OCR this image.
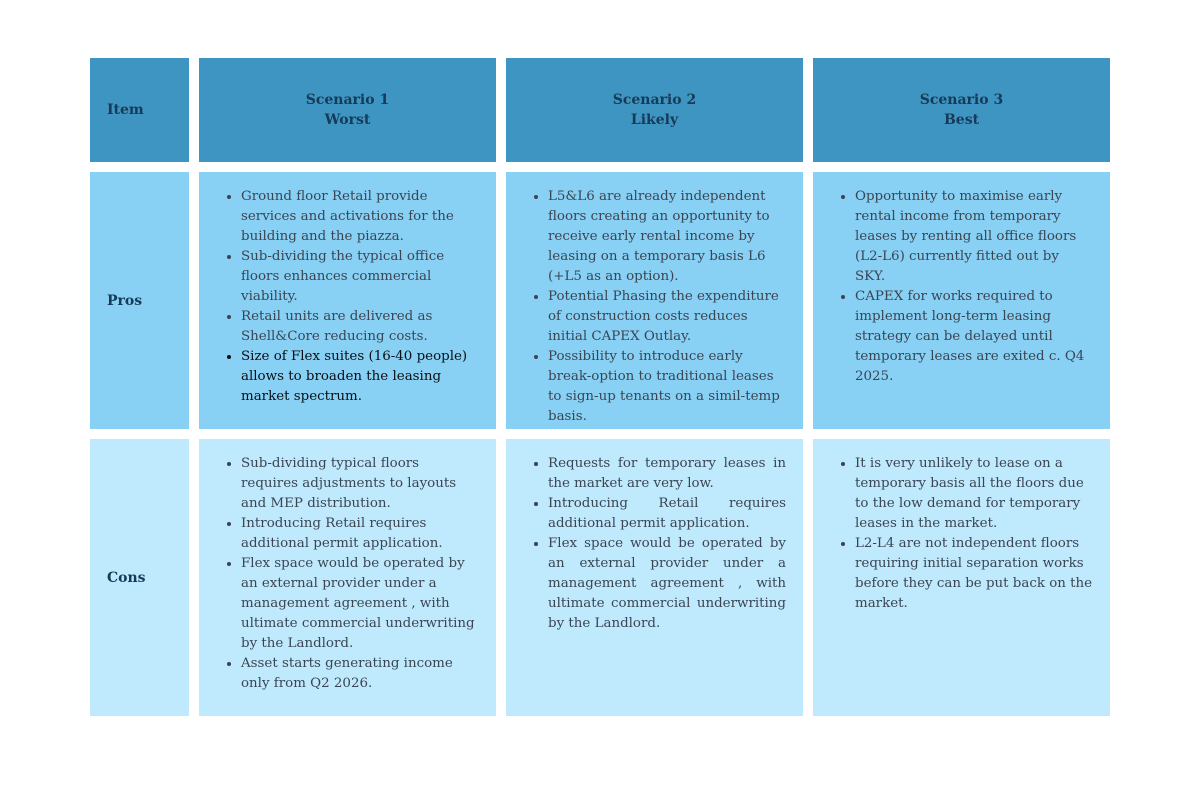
Item
Scenario 1
Worst
Scenario 2
Likely
Scenario 3
Best
Pros
• Ground floor Retail provide services and activations for the building and the piazza.
• Sub-dividing the typical office floors enhances commercial viability.
• Retail units are delivered as Shell&Core reducing costs.
• Size of Flex suites (16-40 people) allows to broaden the leasing market spectrum.
• L5&L6 are already independent floors creating an opportunity to receive early rental income by leasing on a temporary basis L6 (+L5 as an option).
• Potential Phasing the expenditure of construction costs reduces initial CAPEX Outlay.
• Possibility to introduce early break-option to traditional leases to sign-up tenants on a simil-temp basis.
• Opportunity to maximise early rental income from temporary leases by renting all office floors (L2-L6) currently fitted out by SKY.
• CAPEX for works required to implement long-term leasing strategy can be delayed until temporary leases are exited c. Q4 2025.
Cons
• Sub-dividing typical floors requires adjustments to layouts and MEP distribution.
• Introducing Retail requires additional permit application.
• Flex space would be operated by an external provider under a management agreement , with ultimate commercial underwriting by the Landlord.
• Asset starts generating income only from Q2 2026.
• Requests for temporary leases in the market are very low.
• Introducing Retail requires additional permit application.
• Flex space would be operated by an external provider under a management agreement , with ultimate commercial underwriting by the Landlord.
• It is very unlikely to lease on a temporary basis all the floors due to the low demand for temporary leases in the market.
• L2-L4 are not independent floors requiring initial separation works before they can be put back on the market.
